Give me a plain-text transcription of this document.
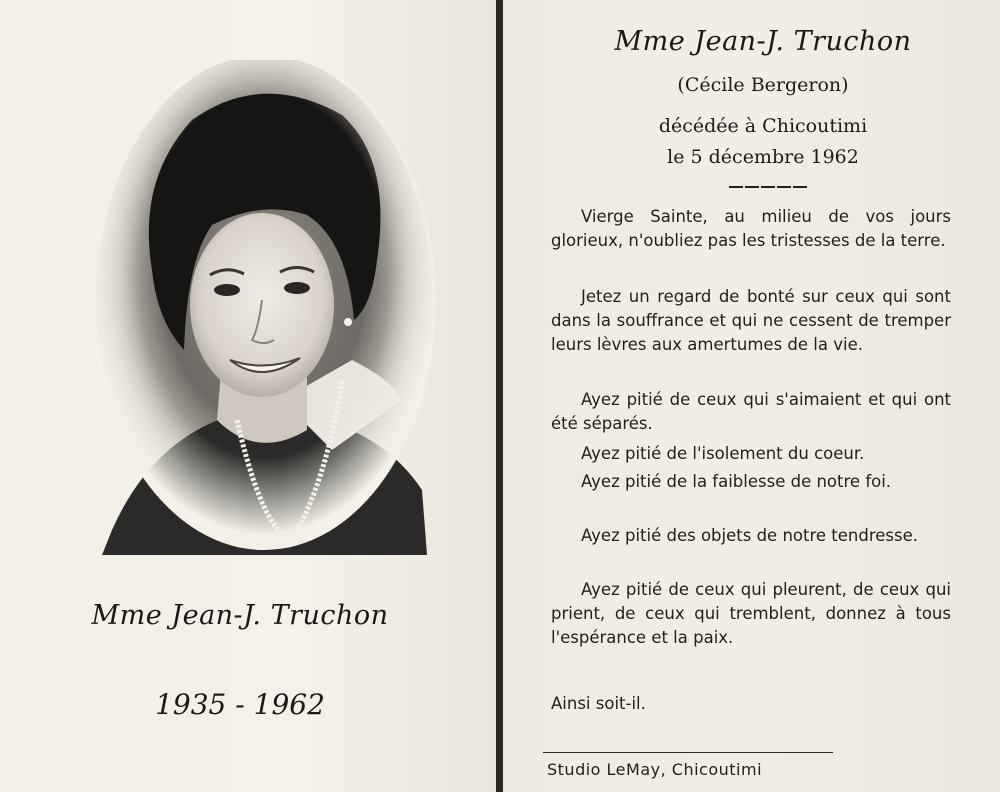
Mme Jean-J. Truchon
1935 - 1962
Mme Jean-J. Truchon
(Cécile Bergeron)
décédée à Chicoutimi
le 5 décembre 1962

Vierge Sainte, au milieu de vos jours glorieux, n'oubliez pas les tristesses de la terre.

Jetez un regard de bonté sur ceux qui sont dans la souffrance et qui ne cessent de tremper leurs lèvres aux amertumes de la vie.

Ayez pitié de ceux qui s'aimaient et qui ont été séparés.

Ayez pitié de l'isolement du coeur.

Ayez pitié de la faiblesse de notre foi.

Ayez pitié des objets de notre tendresse.

Ayez pitié de ceux qui pleurent, de ceux qui prient, de ceux qui tremblent, donnez à tous l'espérance et la paix.

Ainsi soit-il.

Studio LeMay, Chicoutimi
